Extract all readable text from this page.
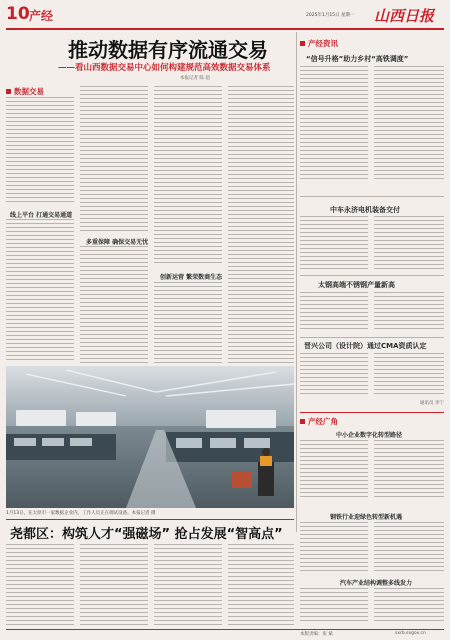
10 产经	2025年1月15日 星期一 山西日报
推动数据有序流通交易
——看山西数据交易中心如何构建规范高效数据交易体系
本报记者 陈 超
数据交易
线上平台 打通交易通道
多重保障 确保交易无忧
创新运营 繁荣数商生态
1月13日，在太原市一家数据企业内，工作人员正在调试设备。本报记者 摄
产经资讯
“信号升格”助力乡村“高铁调度”
中车永济电机装备交付
太钢高端不锈钢产量新高
晋兴公司（设计院）通过CMA资质认定
通讯员 李宁
产经广角
中小企业数字化转型路径
钢铁行业迎绿色转型新机遇
汽车产业结构调整多线发力
尧都区：构筑人才“强磁场” 抢占发展“智高点”
本版责编：张 斌	sxrb.sxgov.cn
